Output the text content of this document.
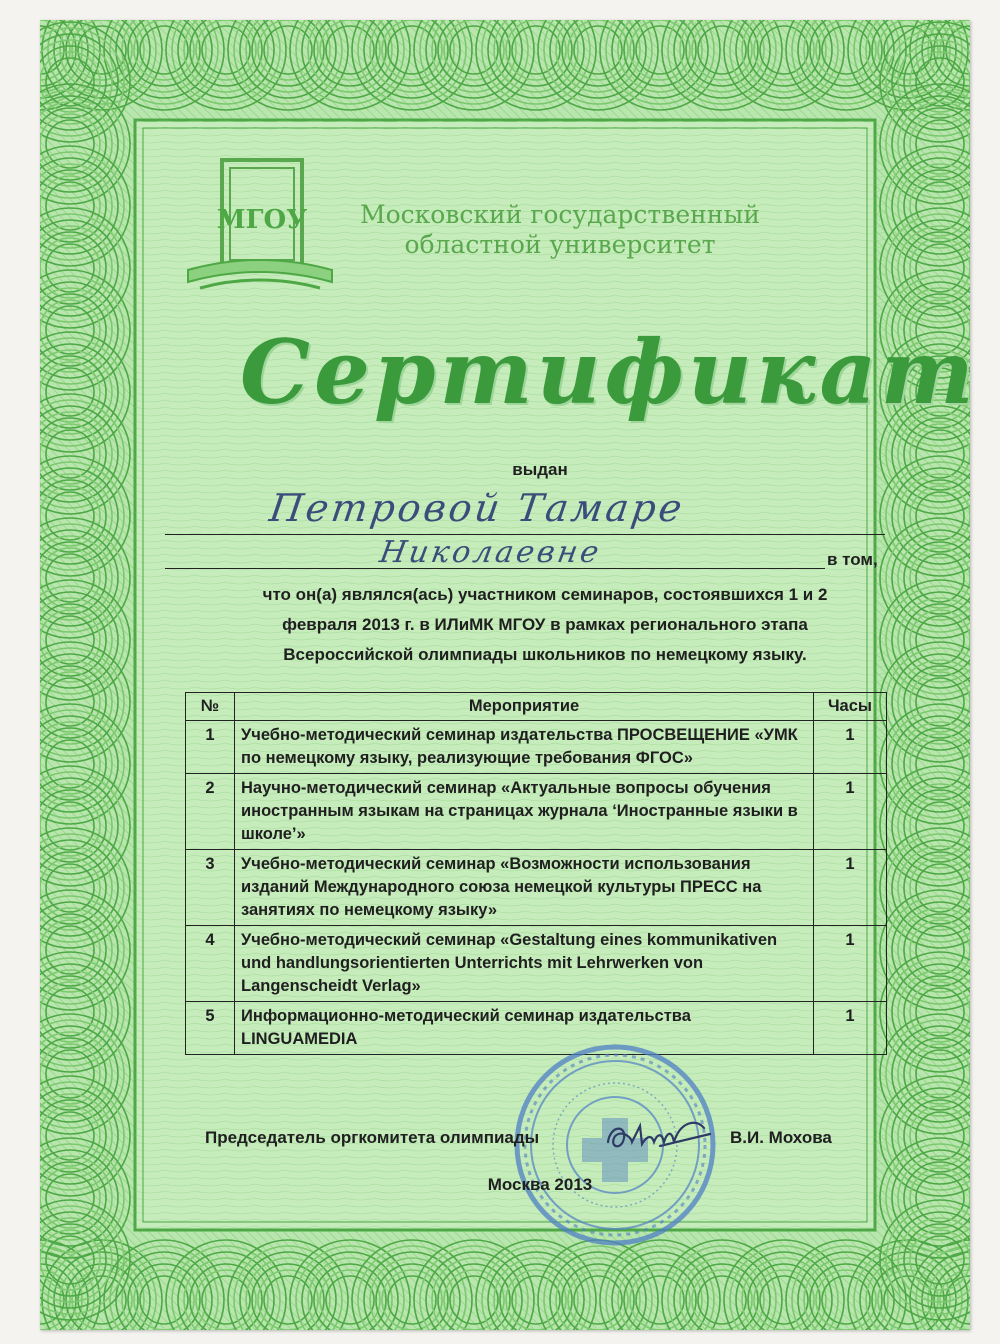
МГОУ	Московский государственный
областной университет
Сертификат
выдан
Петровой Тамаре
Николаевне	в том,
что он(а) являлся(ась) участником семинаров, состоявшихся 1 и 2
февраля 2013 г. в ИЛиМК МГОУ в рамках регионального этапа
Всероссийской олимпиады школьников по немецкому языку.
№	Мероприятие	Часы
1	Учебно-методический семинар издательства ПРОСВЕЩЕНИЕ «УМК по немецкому языку, реализующие требования ФГОС»	1
2	Научно-методический семинар «Актуальные вопросы обучения иностранным языкам на страницах журнала ‘Иностранные языки в школе’»	1
3	Учебно-методический семинар «Возможности использования изданий Международного союза немецкой культуры ПРЕСС на занятиях по немецкому языку»	1
4	Учебно-методический семинар «Gestaltung eines kommunikativen und handlungsorientierten Unterrichts mit Lehrwerken von Langenscheidt Verlag»	1
5	Информационно-методический семинар издательства LINGUAMEDIA	1
Председатель оргкомитета олимпиады	В.И. Мохова
Москва 2013
